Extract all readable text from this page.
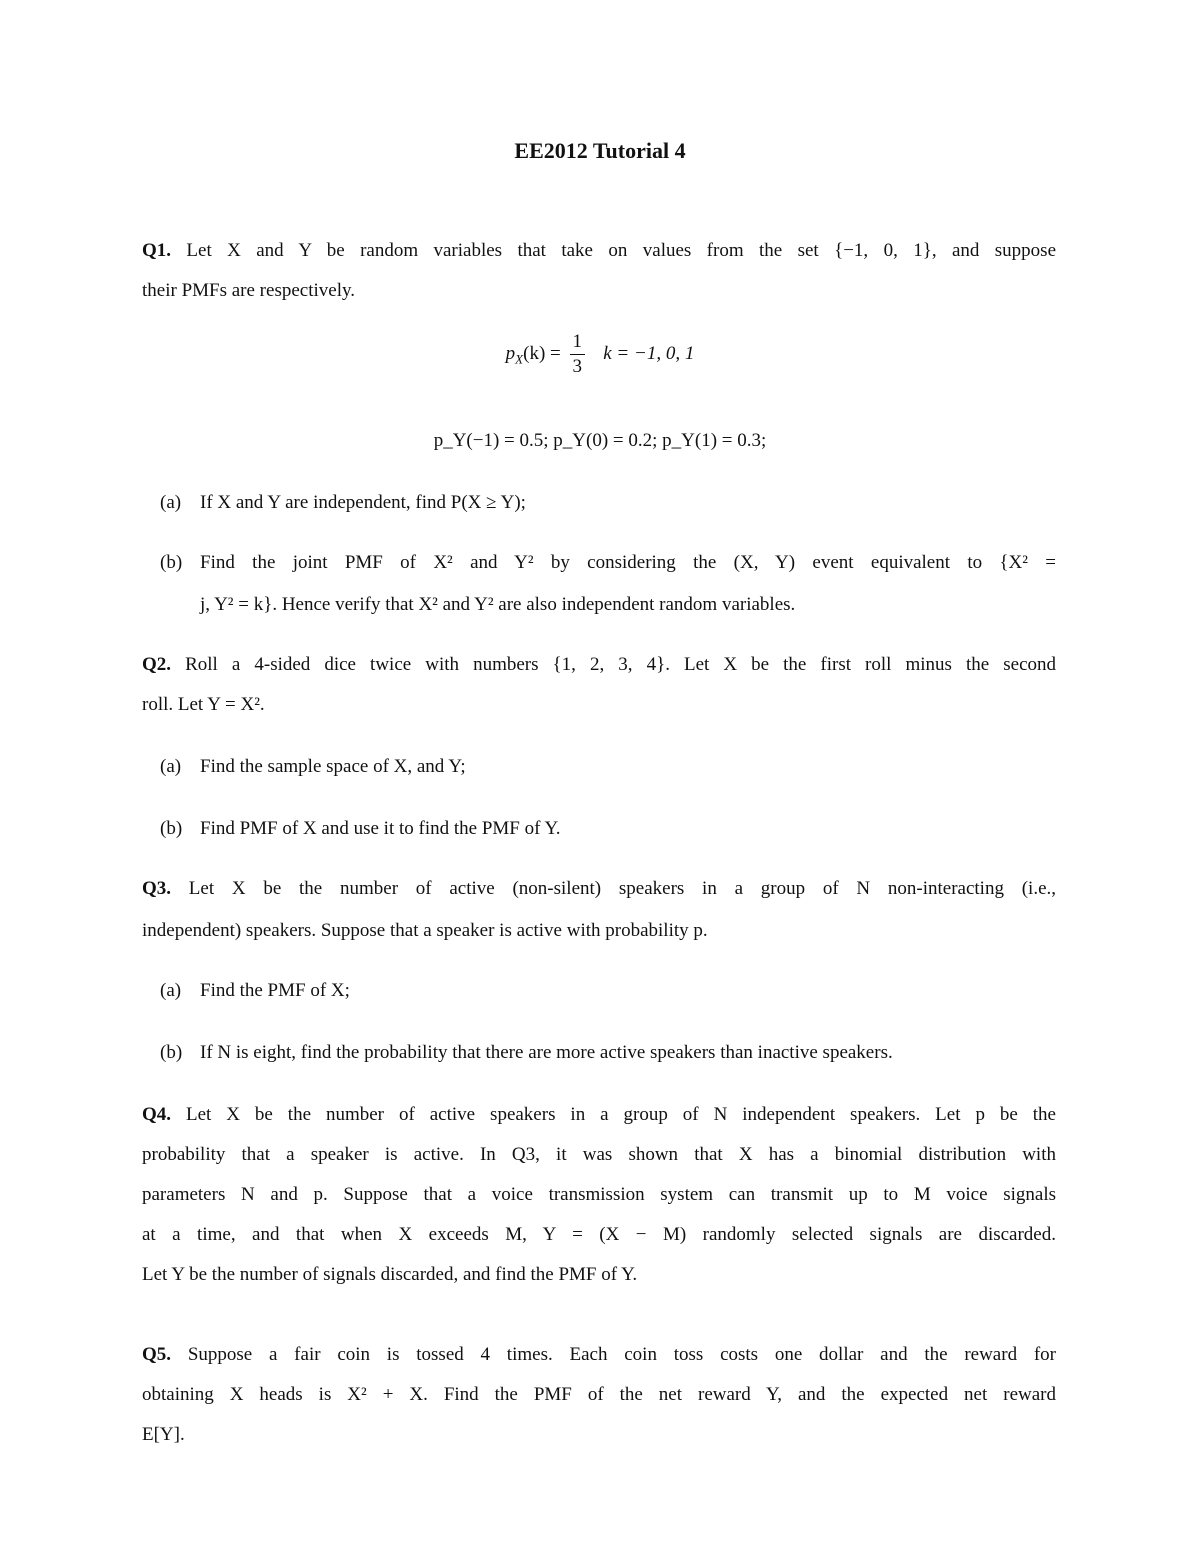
EE2012 Tutorial 4
Q1. Let X and Y be random variables that take on values from the set {−1, 0, 1}, and suppose
their PMFs are respectively.
$p_X(k) = \frac{1}{3}$ k = −1, 0, 1
p_Y(−1) = 0.5; p_Y(0) = 0.2; p_Y(1) = 0.3;
(a) If X and Y are independent, find P(X ≥ Y);
(b) Find the joint PMF of X² and Y² by considering the (X, Y) event equivalent to {X² =
j, Y² = k}. Hence verify that X² and Y² are also independent random variables.
Q2. Roll a 4-sided dice twice with numbers {1, 2, 3, 4}. Let X be the first roll minus the second
roll. Let Y = X².
(a) Find the sample space of X, and Y;
(b) Find PMF of X and use it to find the PMF of Y.
Q3. Let X be the number of active (non-silent) speakers in a group of N non-interacting (i.e.,
independent) speakers. Suppose that a speaker is active with probability p.
(a) Find the PMF of X;
(b) If N is eight, find the probability that there are more active speakers than inactive speakers.
Q4. Let X be the number of active speakers in a group of N independent speakers. Let p be the
probability that a speaker is active. In Q3, it was shown that X has a binomial distribution with
parameters N and p. Suppose that a voice transmission system can transmit up to M voice signals
at a time, and that when X exceeds M, Y = (X − M) randomly selected signals are discarded.
Let Y be the number of signals discarded, and find the PMF of Y.
Q5. Suppose a fair coin is tossed 4 times. Each coin toss costs one dollar and the reward for
obtaining X heads is X² + X. Find the PMF of the net reward Y, and the expected net reward
E[Y].
